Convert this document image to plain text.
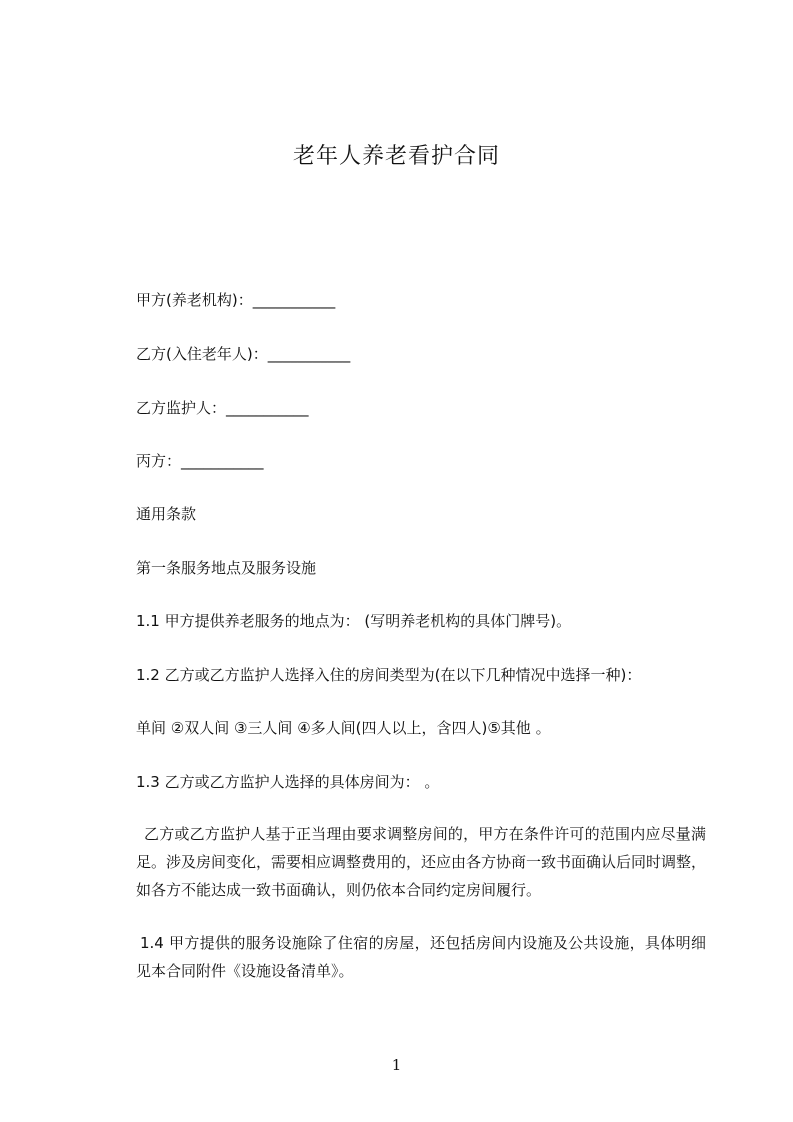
老年人养老看护合同
甲方(养老机构)：___________
乙方(入住老年人)：___________
乙方监护人：___________
丙方：___________
通用条款
第一条服务地点及服务设施
1.1 甲方提供养老服务的地点为： (写明养老机构的具体门牌号)。
1.2 乙方或乙方监护人选择入住的房间类型为(在以下几种情况中选择一种)：
单间 ②双人间 ③三人间 ④多人间(四人以上，含四人)⑤其他 。
1.3 乙方或乙方监护人选择的具体房间为： 。
乙方或乙方监护人基于正当理由要求调整房间的，甲方在条件许可的范围内应尽量满足。涉及房间变化，需要相应调整费用的，还应由各方协商一致书面确认后同时调整，如各方不能达成一致书面确认，则仍依本合同约定房间履行。
1.4 甲方提供的服务设施除了住宿的房屋，还包括房间内设施及公共设施，具体明细见本合同附件《设施设备清单》。
1
